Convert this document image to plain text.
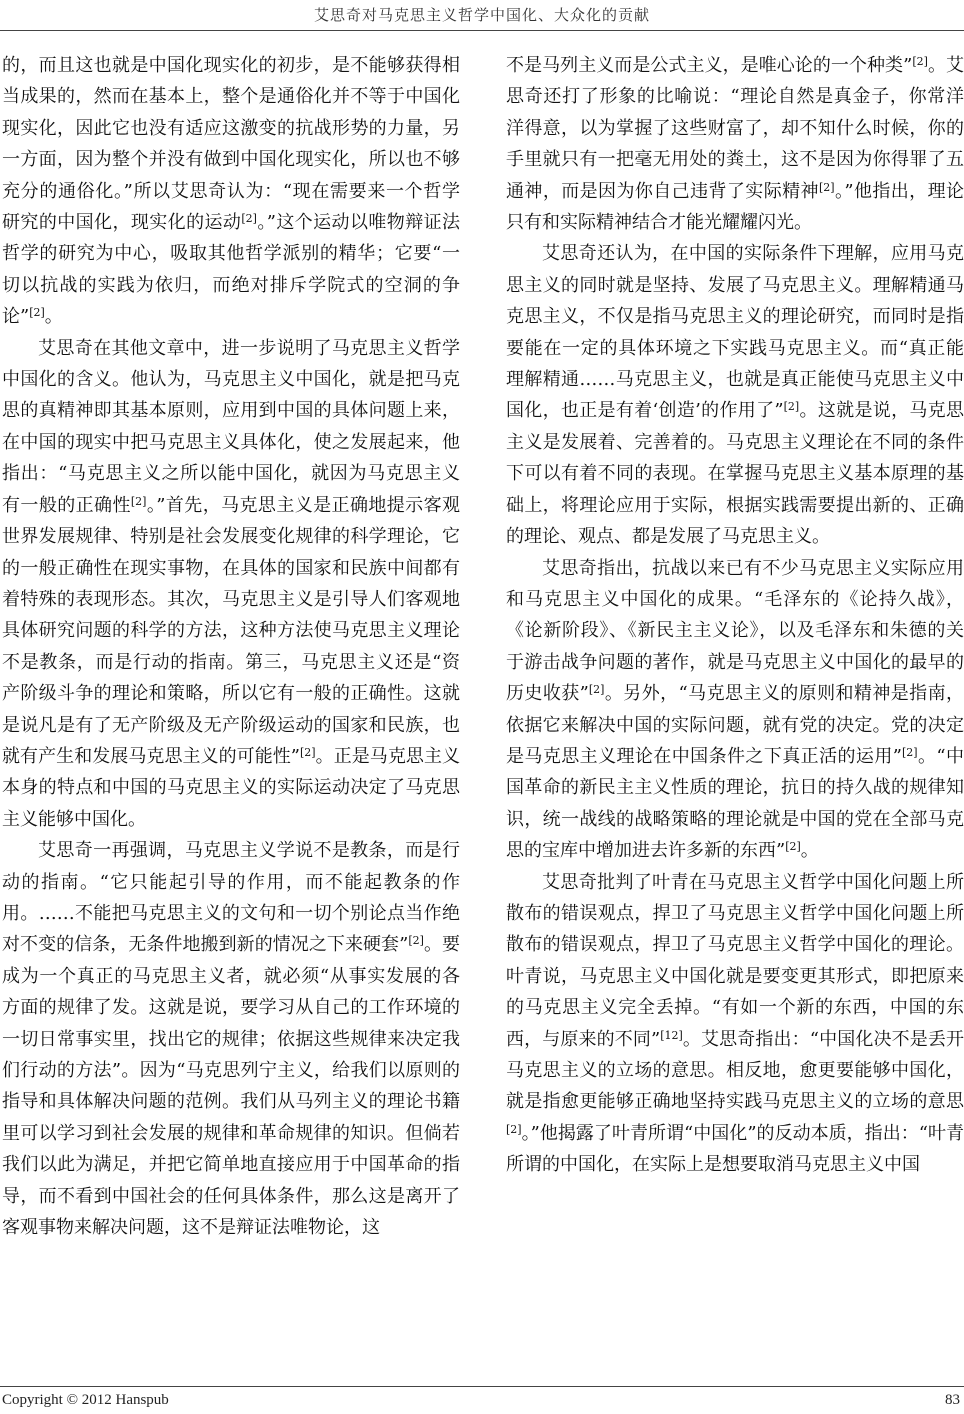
艾思奇对马克思主义哲学中国化、大众化的贡献

的，而且这也就是中国化现实化的初步，是不能够获得相当成果的，然而在基本上，整个是通俗化并不等于中国化现实化，因此它也没有适应这激变的抗战形势的力量，另一方面，因为整个并没有做到中国化现实化，所以也不够充分的通俗化。”所以艾思奇认为：“现在需要来一个哲学研究的中国化，现实化的运动[2]。”这个运动以唯物辩证法哲学的研究为中心，吸取其他哲学派别的精华；它要“一切以抗战的实践为依归，而绝对排斥学院式的空洞的争论”[2]。

艾思奇在其他文章中，进一步说明了马克思主义哲学中国化的含义。他认为，马克思主义中国化，就是把马克思的真精神即其基本原则，应用到中国的具体问题上来，在中国的现实中把马克思主义具体化，使之发展起来，他指出：“马克思主义之所以能中国化，就因为马克思主义有一般的正确性[2]。”首先，马克思主义是正确地提示客观世界发展规律、特别是社会发展变化规律的科学理论，它的一般正确性在现实事物，在具体的国家和民族中间都有着特殊的表现形态。其次，马克思主义是引导人们客观地具体研究问题的科学的方法，这种方法使马克思主义理论不是教条，而是行动的指南。第三，马克思主义还是“资产阶级斗争的理论和策略，所以它有一般的正确性。这就是说凡是有了无产阶级及无产阶级运动的国家和民族，也就有产生和发展马克思主义的可能性”[2]。正是马克思主义本身的特点和中国的马克思主义的实际运动决定了马克思主义能够中国化。

艾思奇一再强调，马克思主义学说不是教条，而是行动的指南。“它只能起引导的作用，而不能起教条的作用。……不能把马克思主义的文句和一切个别论点当作绝对不变的信条，无条件地搬到新的情况之下来硬套”[2]。要成为一个真正的马克思主义者，就必须“从事实发展的各方面的规律了发。这就是说，要学习从自己的工作环境的一切日常事实里，找出它的规律；依据这些规律来决定我们行动的方法”。因为“马克思列宁主义，给我们以原则的指导和具体解决问题的范例。我们从马列主义的理论书籍里可以学习到社会发展的规律和革命规律的知识。但倘若我们以此为满足，并把它简单地直接应用于中国革命的指导，而不看到中国社会的任何具体条件，那么这是离开了客观事物来解决问题，这不是辩证法唯物论，这

不是马列主义而是公式主义，是唯心论的一个种类”[2]。艾思奇还打了形象的比喻说：“理论自然是真金子，你常洋洋得意，以为掌握了这些财富了，却不知什么时候，你的手里就只有一把毫无用处的粪土，这不是因为你得罪了五通神，而是因为你自己违背了实际精神[2]。”他指出，理论只有和实际精神结合才能光耀耀闪光。

艾思奇还认为，在中国的实际条件下理解，应用马克思主义的同时就是坚持、发展了马克思主义。理解精通马克思主义，不仅是指马克思主义的理论研究，而同时是指要能在一定的具体环境之下实践马克思主义。而“真正能理解精通……马克思主义，也就是真正能使马克思主义中国化，也正是有着‘创造’的作用了”[2]。这就是说，马克思主义是发展着、完善着的。马克思主义理论在不同的条件下可以有着不同的表现。在掌握马克思主义基本原理的基础上，将理论应用于实际，根据实践需要提出新的、正确的理论、观点、都是发展了马克思主义。

艾思奇指出，抗战以来已有不少马克思主义实际应用和马克思主义中国化的成果。“毛泽东的《论持久战》，《论新阶段》、《新民主主义论》，以及毛泽东和朱德的关于游击战争问题的著作，就是马克思主义中国化的最早的历史收获”[2]。另外，“马克思主义的原则和精神是指南，依据它来解决中国的实际问题，就有党的决定。党的决定是马克思主义理论在中国条件之下真正活的运用”[2]。“中国革命的新民主主义性质的理论，抗日的持久战的规律知识，统一战线的战略策略的理论就是中国的党在全部马克思的宝库中增加进去许多新的东西”[2]。

艾思奇批判了叶青在马克思主义哲学中国化问题上所散布的错误观点，捍卫了马克思主义哲学中国化问题上所散布的错误观点，捍卫了马克思主义哲学中国化的理论。叶青说，马克思主义中国化就是要变更其形式，即把原来的马克思主义完全丢掉。“有如一个新的东西，中国的东西，与原来的不同”[12]。艾思奇指出：“中国化决不是丢开马克思主义的立场的意思。相反地，愈更要能够中国化，就是指愈更能够正确地坚持实践马克思主义的立场的意思[2]。”他揭露了叶青所谓“中国化”的反动本质，指出：“叶青所谓的中国化，在实际上是想要取消马克思主义中国

Copyright © 2012 Hanspub	83
